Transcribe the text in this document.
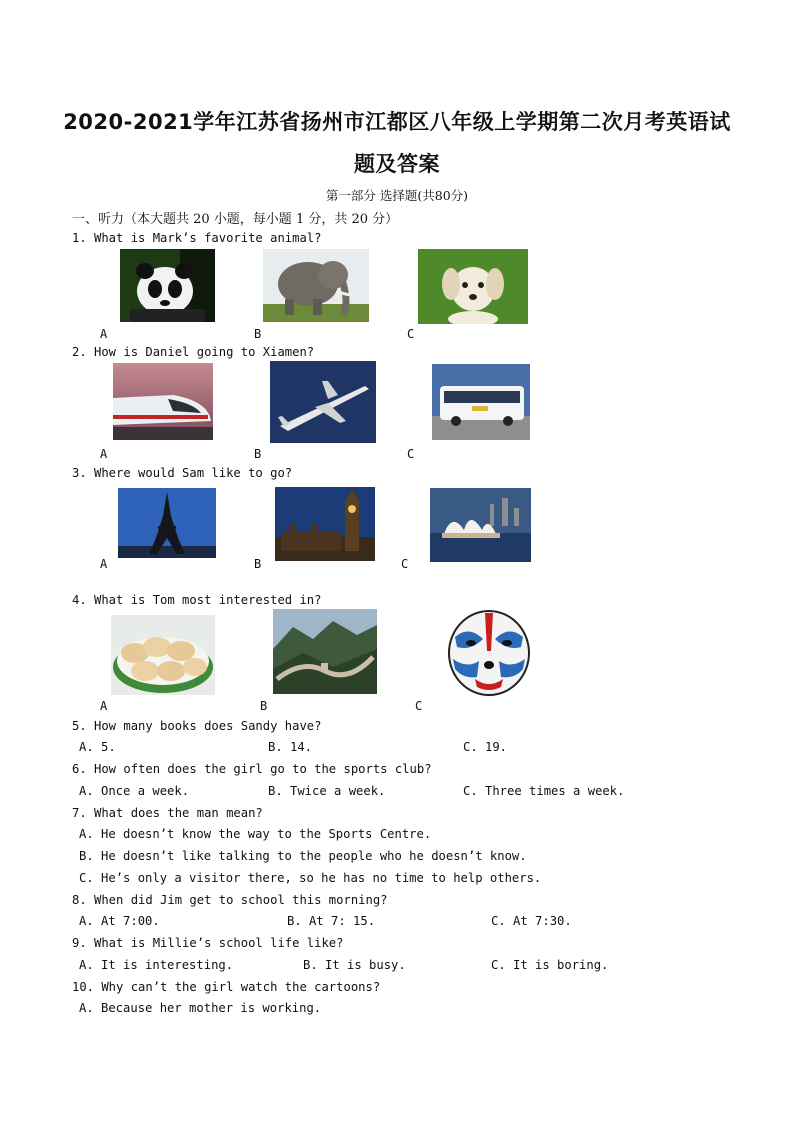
2020-2021学年江苏省扬州市江都区八年级上学期第二次月考英语试
题及答案
第一部分 选择题(共80分)
一、听力（本大题共 20 小题，每小题 1 分，共 20 分）
1. What is Mark’s favorite animal?
A	B	C
2. How is Daniel going to Xiamen?
A	B	C
3. Where would Sam like to go?
A	B	C
4. What is Tom most interested in?
A	B	C
5. How many books does Sandy have?
A. 5.	B. 14.	C. 19.
6. How often does the girl go to the sports club?
A. Once a week.	B. Twice a week.	C. Three times a week.
7. What does the man mean?
A. He doesn’t know the way to the Sports Centre.
B. He doesn’t like talking to the people who he doesn’t know.
C. He’s only a visitor there, so he has no time to help others.
8. When did Jim get to school this morning?
A. At 7:00.	B. At 7: 15.	C. At 7:30.
9. What is Millie’s school life like?
A. It is interesting.	B. It is busy.	C. It is boring.
10. Why can’t the girl watch the cartoons?
A. Because her mother is working.
